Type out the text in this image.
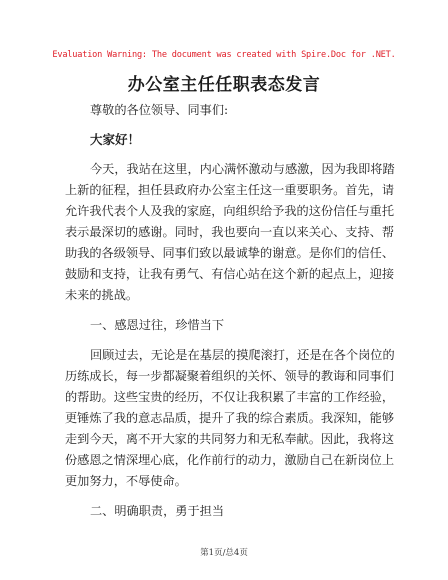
Evaluation Warning: The document was created with Spire.Doc for .NET.
办公室主任任职表态发言
尊敬的各位领导、同事们:
大家好！
今天，我站在这里，内心满怀激动与感激，因为我即将踏
上新的征程，担任县政府办公室主任这一重要职务。首先，请
允许我代表个人及我的家庭，向组织给予我的这份信任与重托
表示最深切的感谢。同时，我也要向一直以来关心、支持、帮
助我的各级领导、同事们致以最诚挚的谢意。是你们的信任、
鼓励和支持，让我有勇气、有信心站在这个新的起点上，迎接
未来的挑战。
一、感恩过往，珍惜当下
回顾过去，无论是在基层的摸爬滚打，还是在各个岗位的
历练成长，每一步都凝聚着组织的关怀、领导的教诲和同事们
的帮助。这些宝贵的经历，不仅让我积累了丰富的工作经验，
更锤炼了我的意志品质，提升了我的综合素质。我深知，能够
走到今天，离不开大家的共同努力和无私奉献。因此，我将这
份感恩之情深埋心底，化作前行的动力，激励自己在新岗位上
更加努力，不辱使命。
二、明确职责，勇于担当
第1页/总4页
